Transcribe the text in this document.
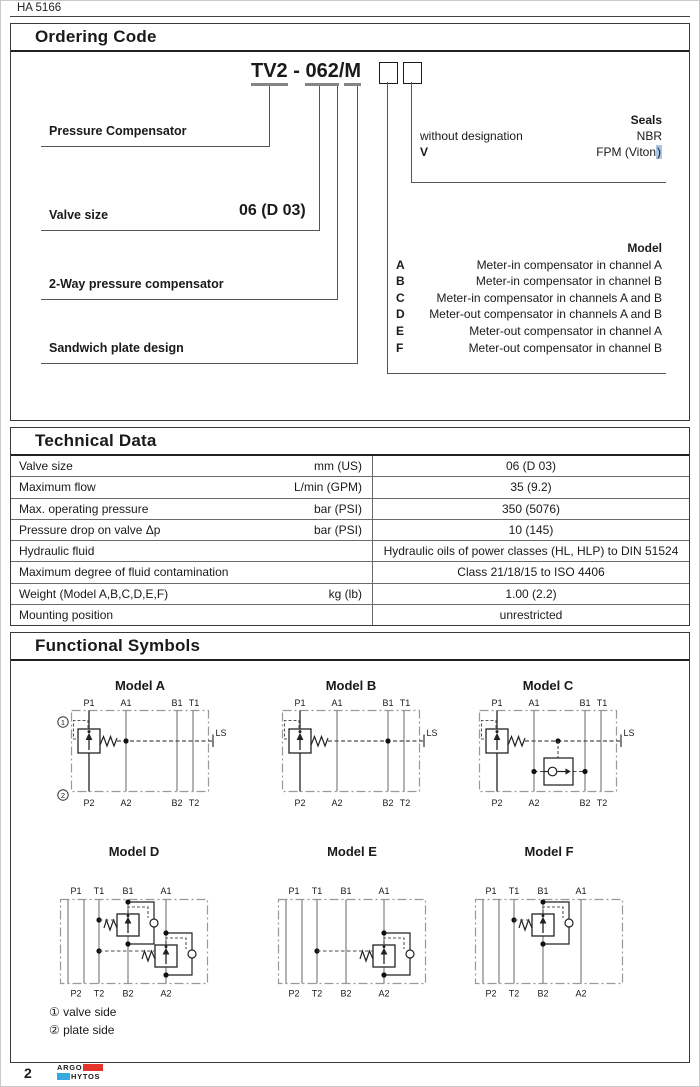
HA 5166
Ordering Code
TV2 - 062/M
Pressure Compensator
Valve size	06 (D 03)
2-Way pressure compensator
Sandwich plate design
Seals
without designation	NBR
V	FPM (Viton)
Model
A	Meter-in compensator in channel A
B	Meter-in compensator in channel B
C	Meter-in compensator in channels A and B
D Meter-out compensator in channels A and B
E	Meter-out compensator in channel A
F	Meter-out compensator in channel B
Technical Data
Valve size	mm (US)	06 (D 03)
Maximum flow	L/min (GPM)	35 (9.2)
Max. operating pressure	bar (PSI)	350 (5076)
Pressure drop on valve Δp	bar (PSI)	10 (145)
Hydraulic fluid	Hydraulic oils of power classes (HL, HLP) to DIN 51524
Maximum degree of fluid contamination	Class 21/18/15 to ISO 4406
Weight (Model A,B,C,D,E,F)	kg (lb)	1.00 (2.2)
Mounting position	unrestricted
Functional Symbols
Model A	Model B	Model C
Model D	Model E	Model F
P1	A1	B1 T1
P2	A2	B2 T2
LS
1
2
P1	A1	B1 T1
P2	A2	B2 T2
LS
P1	A1	B1 T1
P2	A2	B2 T2
LS
P1 T1 B1	A1
P2 T2 B2	A2
P1 T1 B1	A1
P2 T2 B2	A2
P1 T1 B1	A1
P2 T2 B2	A2
① valve side
② plate side
2	ARGO
HYTOS
